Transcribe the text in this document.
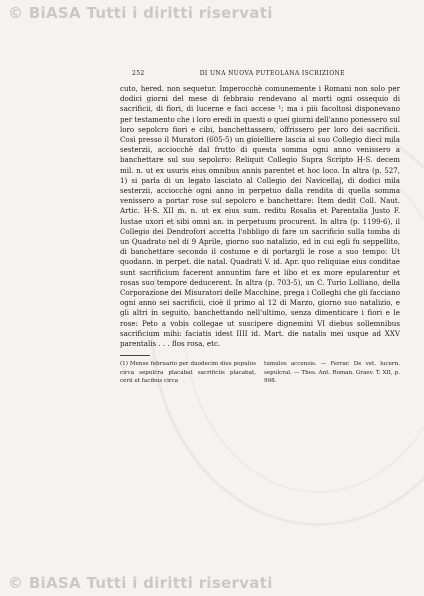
© BiASA Tutti i diritti riservati
252	DI UNA NUOVA PUTEOLANA ISCRIZIONE

cuto, hered. non sequetur. Imperocchè comunemente i Romani non solo per dodici giorni del mese di febbraio rendevano al morti ogni ossequio di sacrificii, di fiori, di lucerne e faci accese ¹; ma i più facoltosi disponevano per testamento che i loro eredi in questi o quei giorni dell'anno ponessero sul loro sepolcro fiori e cibi, banchettassero, offrissero per loro dei sacrificii. Così presso il Muratori (605-5) un gioielliere lascia al suo Collegio dieci mila sesterzii, acciocchè dal frutto di questa somma ogni anno venissero a banchettare sul suo sepolcro: Reliquit Collegio Supra Scripto H-S. decem mil. n. ut ex usuris eius omnibus annis parentet et hoc loco. In altra (p. 527, 1) si parla di un legato lasciato al Collegio dei Navicellaj, di dodici mila sesterzii, acciocchè ogni anno in perpetuo dalla rendita di quella somma venissero a portar rose sul sepolcro e banchettare: Item dedit Coll. Naut. Artic. H-S. XII m. n. ut ex eius sum. reditu Rosalia et Parentalia Justo F. Iustae uxori et sibi omni an. in perpetuum procurent. In altra (p. 1199-6), il Collegio dei Dendrofori accetta l'obbligo di fare un sacrificio sulla tomba di un Quadrato nel di 9 Aprile, giorno suo natalizio, ed in cui egli fu seppellito, di banchettare secondo il costume e di portargli le rose a suo tempo: Ut quodann. in perpet. die natal. Quadrati V. id. Apr. quo reliquiae eius conditae sunt sacrificium facerent annuntim fare et libo et ex more epularentur et rosas suo tempore deducerent. In altra (p. 703-5), un C. Turio Lolliano, della Corporazione dei Misuratori delle Macchine, prega i Colleghi che gli facciano ogni anno sei sacrificii, cioè il primo al 12 di Marzo, giorno suo natalizio, e gli altri in seguito, banchettando nell'ultimo, senza dimenticare i fiori e le rose: Peto a vobis collegae ut suscipere dignemini VI diebus sollemnibus sacrificium mihi: faciatis idest IIII id. Mart. die natalis mei usque ad XXV parentalis . . . flos rosa, etc.

(1) Mense februario per duodecim dies populus circa sepulcra placabat sacrificiis placabat, cerii et facibus circa
tumulos accensis. — Ferrar. De vet. lucern. sepulcral. — Thes. Ant. Roman. Graev. T. XII, p. 998.
© BiASA Tutti i diritti riservati
